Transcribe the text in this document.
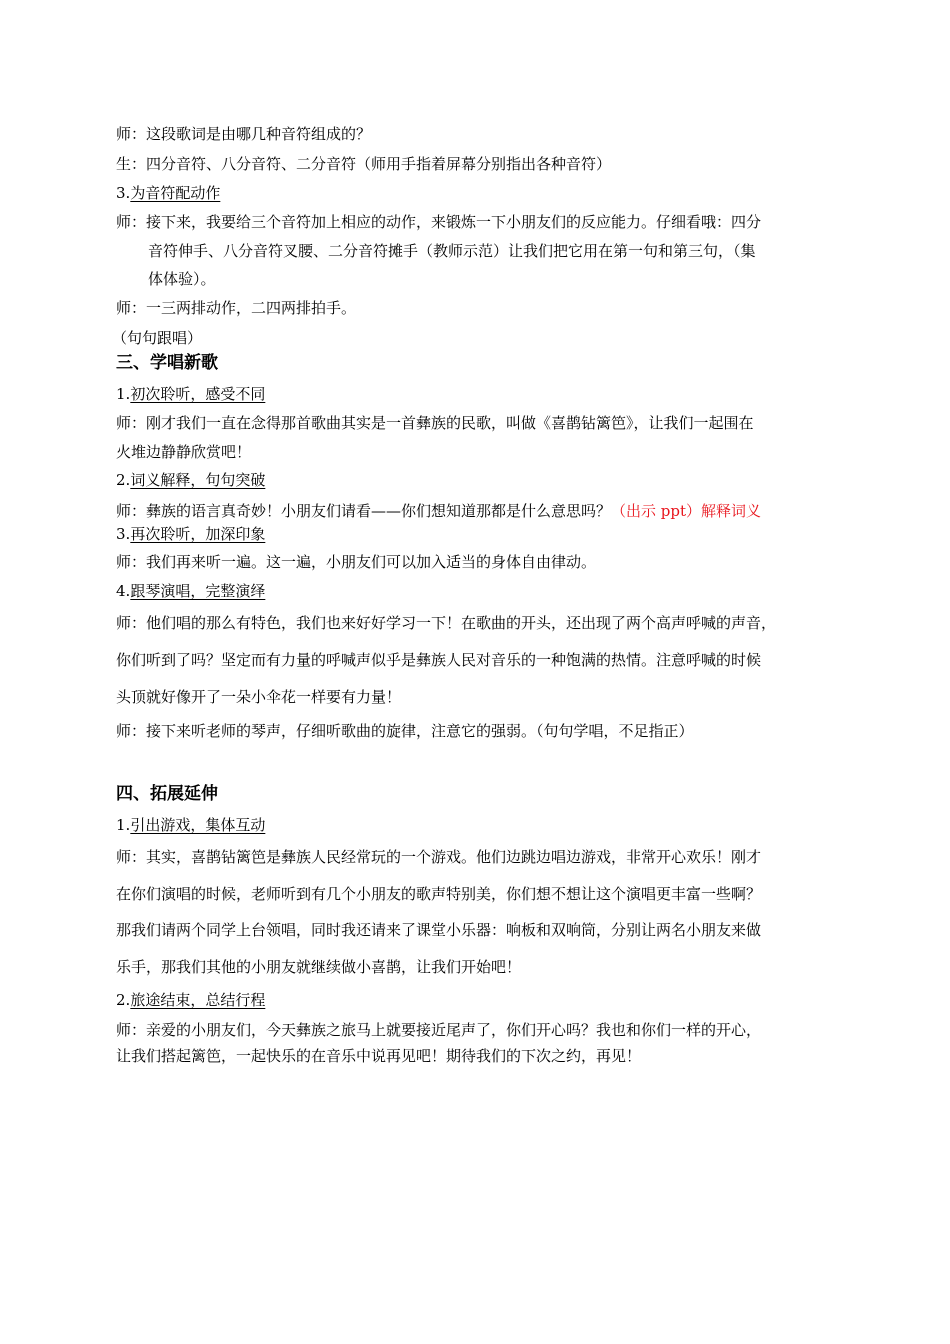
师：这段歌词是由哪几种音符组成的？
生：四分音符、八分音符、二分音符（师用手指着屏幕分别指出各种音符）
3.为音符配动作
师：接下来，我要给三个音符加上相应的动作，来锻炼一下小朋友们的反应能力。仔细看哦：四分
音符伸手、八分音符叉腰、二分音符摊手（教师示范）让我们把它用在第一句和第三句，（集
体体验）。
师：一三两排动作，二四两排拍手。
（句句跟唱）
三、学唱新歌
1.初次聆听，感受不同
师：刚才我们一直在念得那首歌曲其实是一首彝族的民歌，叫做《喜鹊钻篱笆》，让我们一起围在
火堆边静静欣赏吧！
2.词义解释，句句突破
师：彝族的语言真奇妙！小朋友们请看——你们想知道那都是什么意思吗？（出示 ppt）解释词义
3.再次聆听，加深印象
师：我们再来听一遍。这一遍，小朋友们可以加入适当的身体自由律动。
4.跟琴演唱，完整演绎
师：他们唱的那么有特色，我们也来好好学习一下！在歌曲的开头，还出现了两个高声呼喊的声音，
你们听到了吗？坚定而有力量的呼喊声似乎是彝族人民对音乐的一种饱满的热情。注意呼喊的时候
头顶就好像开了一朵小伞花一样要有力量！
师：接下来听老师的琴声，仔细听歌曲的旋律，注意它的强弱。（句句学唱，不足指正）
四、拓展延伸
1.引出游戏，集体互动
师：其实，喜鹊钻篱笆是彝族人民经常玩的一个游戏。他们边跳边唱边游戏，非常开心欢乐！刚才
在你们演唱的时候，老师听到有几个小朋友的歌声特别美，你们想不想让这个演唱更丰富一些啊？
那我们请两个同学上台领唱，同时我还请来了课堂小乐器：响板和双响筒，分别让两名小朋友来做
乐手，那我们其他的小朋友就继续做小喜鹊，让我们开始吧！
2.旅途结束，总结行程
师：亲爱的小朋友们，今天彝族之旅马上就要接近尾声了，你们开心吗？我也和你们一样的开心，
让我们搭起篱笆，一起快乐的在音乐中说再见吧！期待我们的下次之约，再见！
